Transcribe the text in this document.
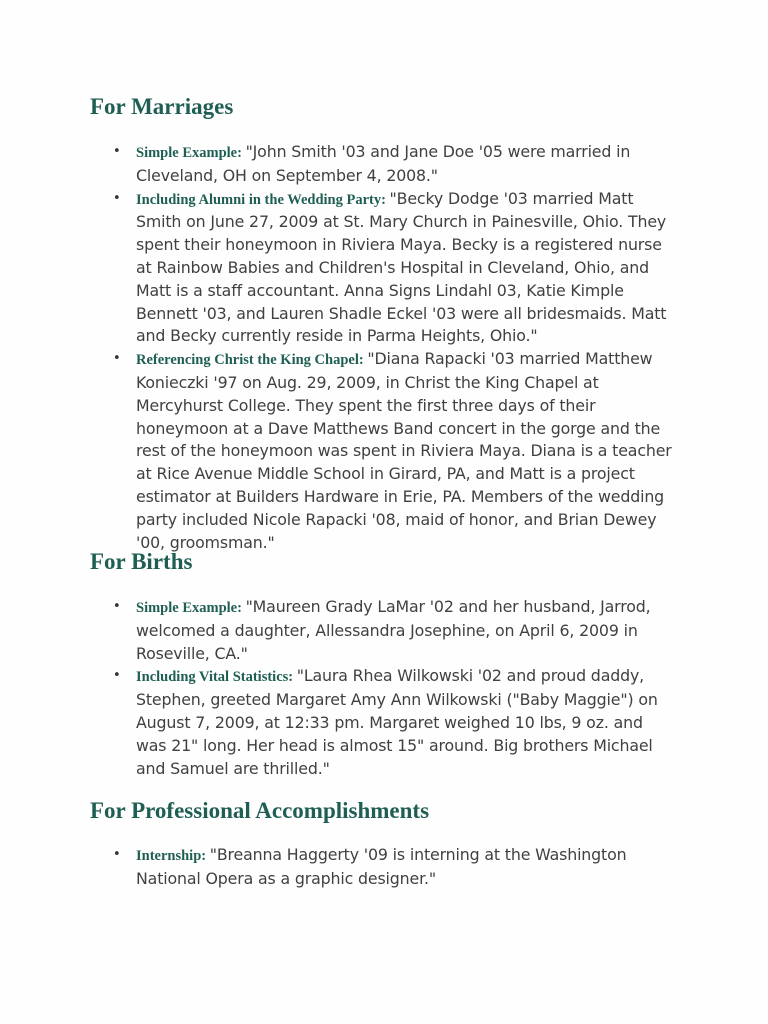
For Marriages
• Simple Example: "John Smith '03 and Jane Doe '05 were married in Cleveland, OH on September 4, 2008."
• Including Alumni in the Wedding Party: "Becky Dodge '03 married Matt Smith on June 27, 2009 at St. Mary Church in Painesville, Ohio. They spent their honeymoon in Riviera Maya. Becky is a registered nurse at Rainbow Babies and Children's Hospital in Cleveland, Ohio, and Matt is a staff accountant. Anna Signs Lindahl 03, Katie Kimple Bennett '03, and Lauren Shadle Eckel '03 were all bridesmaids. Matt and Becky currently reside in Parma Heights, Ohio."
• Referencing Christ the King Chapel: "Diana Rapacki '03 married Matthew Konieczki '97 on Aug. 29, 2009, in Christ the King Chapel at Mercyhurst College. They spent the first three days of their honeymoon at a Dave Matthews Band concert in the gorge and the rest of the honeymoon was spent in Riviera Maya. Diana is a teacher at Rice Avenue Middle School in Girard, PA, and Matt is a project estimator at Builders Hardware in Erie, PA. Members of the wedding party included Nicole Rapacki '08, maid of honor, and Brian Dewey '00, groomsman."
For Births
• Simple Example: "Maureen Grady LaMar '02 and her husband, Jarrod, welcomed a daughter, Allessandra Josephine, on April 6, 2009 in Roseville, CA."
• Including Vital Statistics: "Laura Rhea Wilkowski '02 and proud daddy, Stephen, greeted Margaret Amy Ann Wilkowski ("Baby Maggie") on August 7, 2009, at 12:33 pm. Margaret weighed 10 lbs, 9 oz. and was 21" long. Her head is almost 15" around. Big brothers Michael and Samuel are thrilled."
For Professional Accomplishments
• Internship: "Breanna Haggerty '09 is interning at the Washington National Opera as a graphic designer."
